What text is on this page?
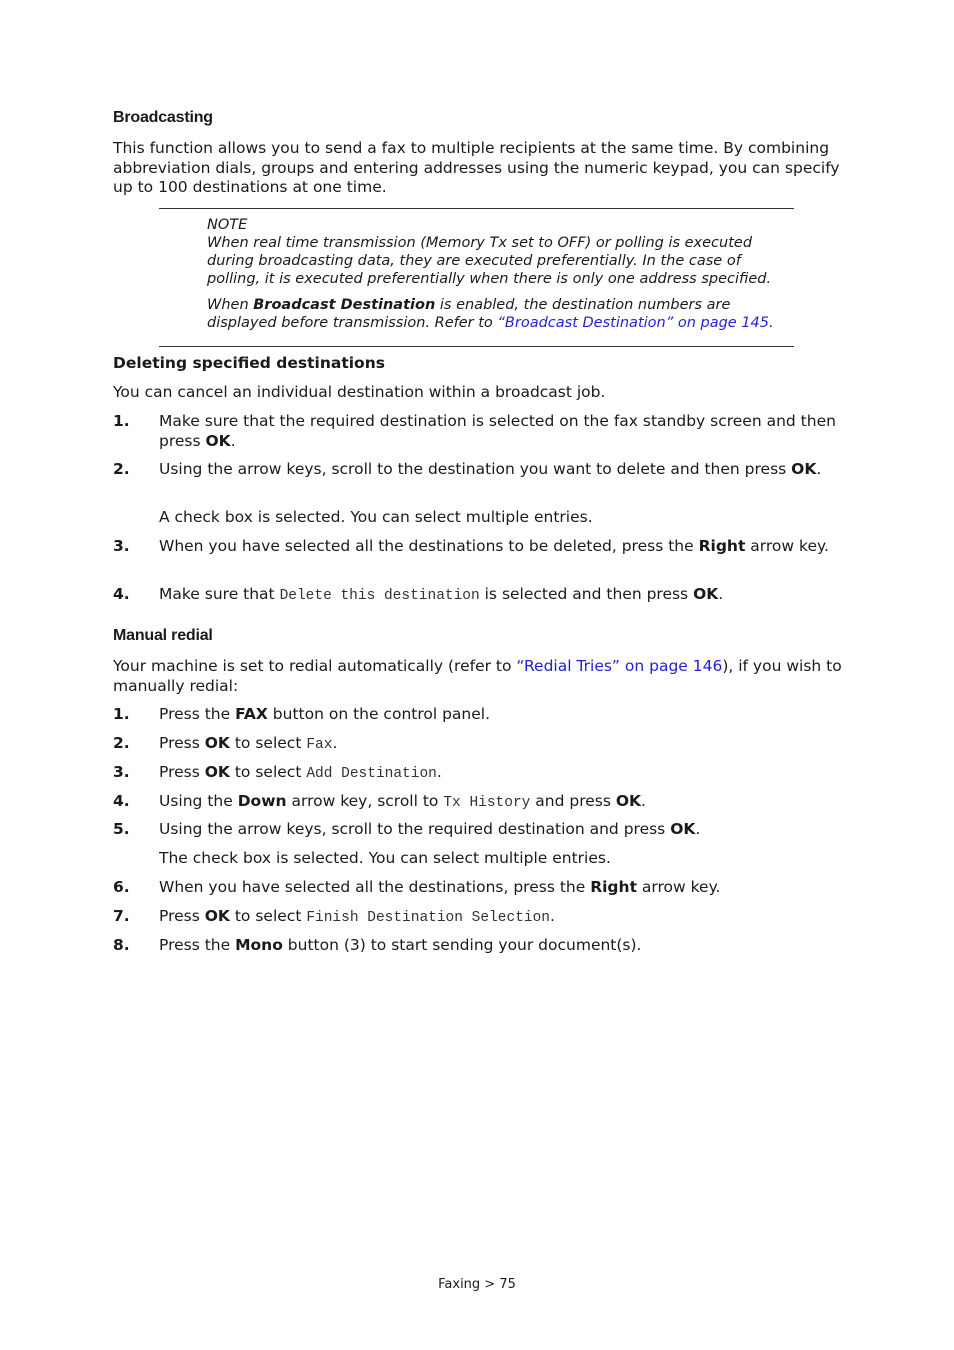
Broadcasting
This function allows you to send a fax to multiple recipients at the same time. By combining abbreviation dials, groups and entering addresses using the numeric keypad, you can specify up to 100 destinations at one time.
NOTE
When real time transmission (Memory Tx set to OFF) or polling is executed during broadcasting data, they are executed preferentially. In the case of polling, it is executed preferentially when there is only one address specified.
When Broadcast Destination is enabled, the destination numbers are displayed before transmission. Refer to “Broadcast Destination” on page 145.
Deleting specified destinations
You can cancel an individual destination within a broadcast job.
1. Make sure that the required destination is selected on the fax standby screen and then press OK.
2. Using the arrow keys, scroll to the destination you want to delete and then press OK.
A check box is selected. You can select multiple entries.
3. When you have selected all the destinations to be deleted, press the Right arrow key.
4. Make sure that Delete this destination is selected and then press OK.
Manual redial
Your machine is set to redial automatically (refer to “Redial Tries” on page 146), if you wish to manually redial:
1. Press the FAX button on the control panel.
2. Press OK to select Fax.
3. Press OK to select Add Destination.
4. Using the Down arrow key, scroll to Tx History and press OK.
5. Using the arrow keys, scroll to the required destination and press OK.
The check box is selected. You can select multiple entries.
6. When you have selected all the destinations, press the Right arrow key.
7. Press OK to select Finish Destination Selection.
8. Press the Mono button (3) to start sending your document(s).
Faxing > 75
